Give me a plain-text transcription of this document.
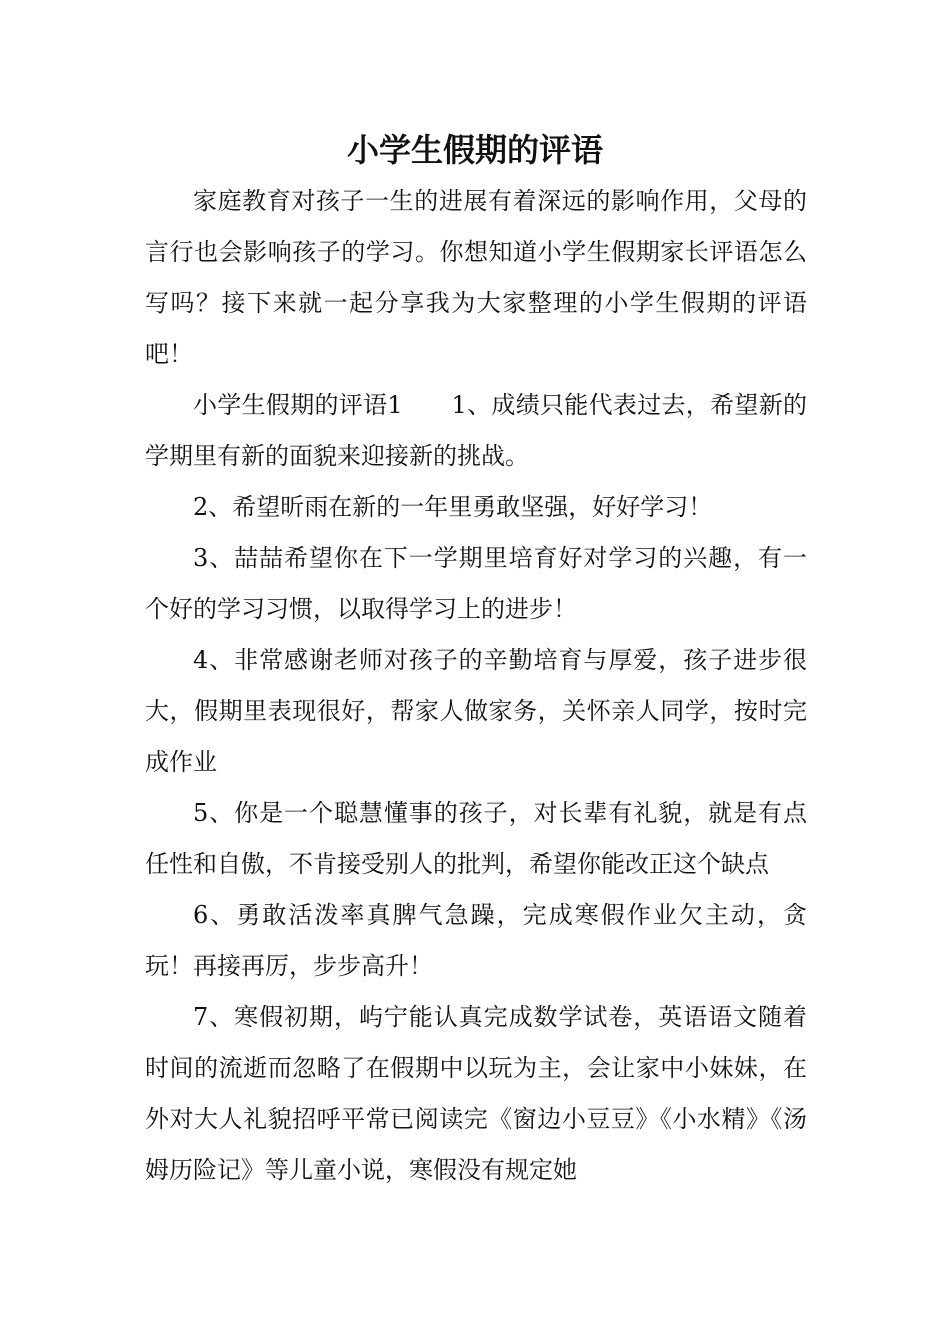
小学生假期的评语

家庭教育对孩子一生的进展有着深远的影响作用，父母的言行也会影响孩子的学习。你想知道小学生假期家长评语怎么写吗？接下来就一起分享我为大家整理的小学生假期的评语吧！

小学生假期的评语1　　1、成绩只能代表过去，希望新的学期里有新的面貌来迎接新的挑战。

2、希望昕雨在新的一年里勇敢坚强，好好学习！

3、喆喆希望你在下一学期里培育好对学习的兴趣，有一个好的学习习惯，以取得学习上的进步！

4、非常感谢老师对孩子的辛勤培育与厚爱，孩子进步很大，假期里表现很好，帮家人做家务，关怀亲人同学，按时完成作业

5、你是一个聪慧懂事的孩子，对长辈有礼貌，就是有点任性和自傲，不肯接受别人的批判，希望你能改正这个缺点

6、勇敢活泼率真脾气急躁，完成寒假作业欠主动，贪玩！再接再厉，步步高升！

7、寒假初期，屿宁能认真完成数学试卷，英语语文随着时间的流逝而忽略了在假期中以玩为主，会让家中小妹妹，在外对大人礼貌招呼平常已阅读完《窗边小豆豆》《小水精》《汤姆历险记》等儿童小说，寒假没有规定她
